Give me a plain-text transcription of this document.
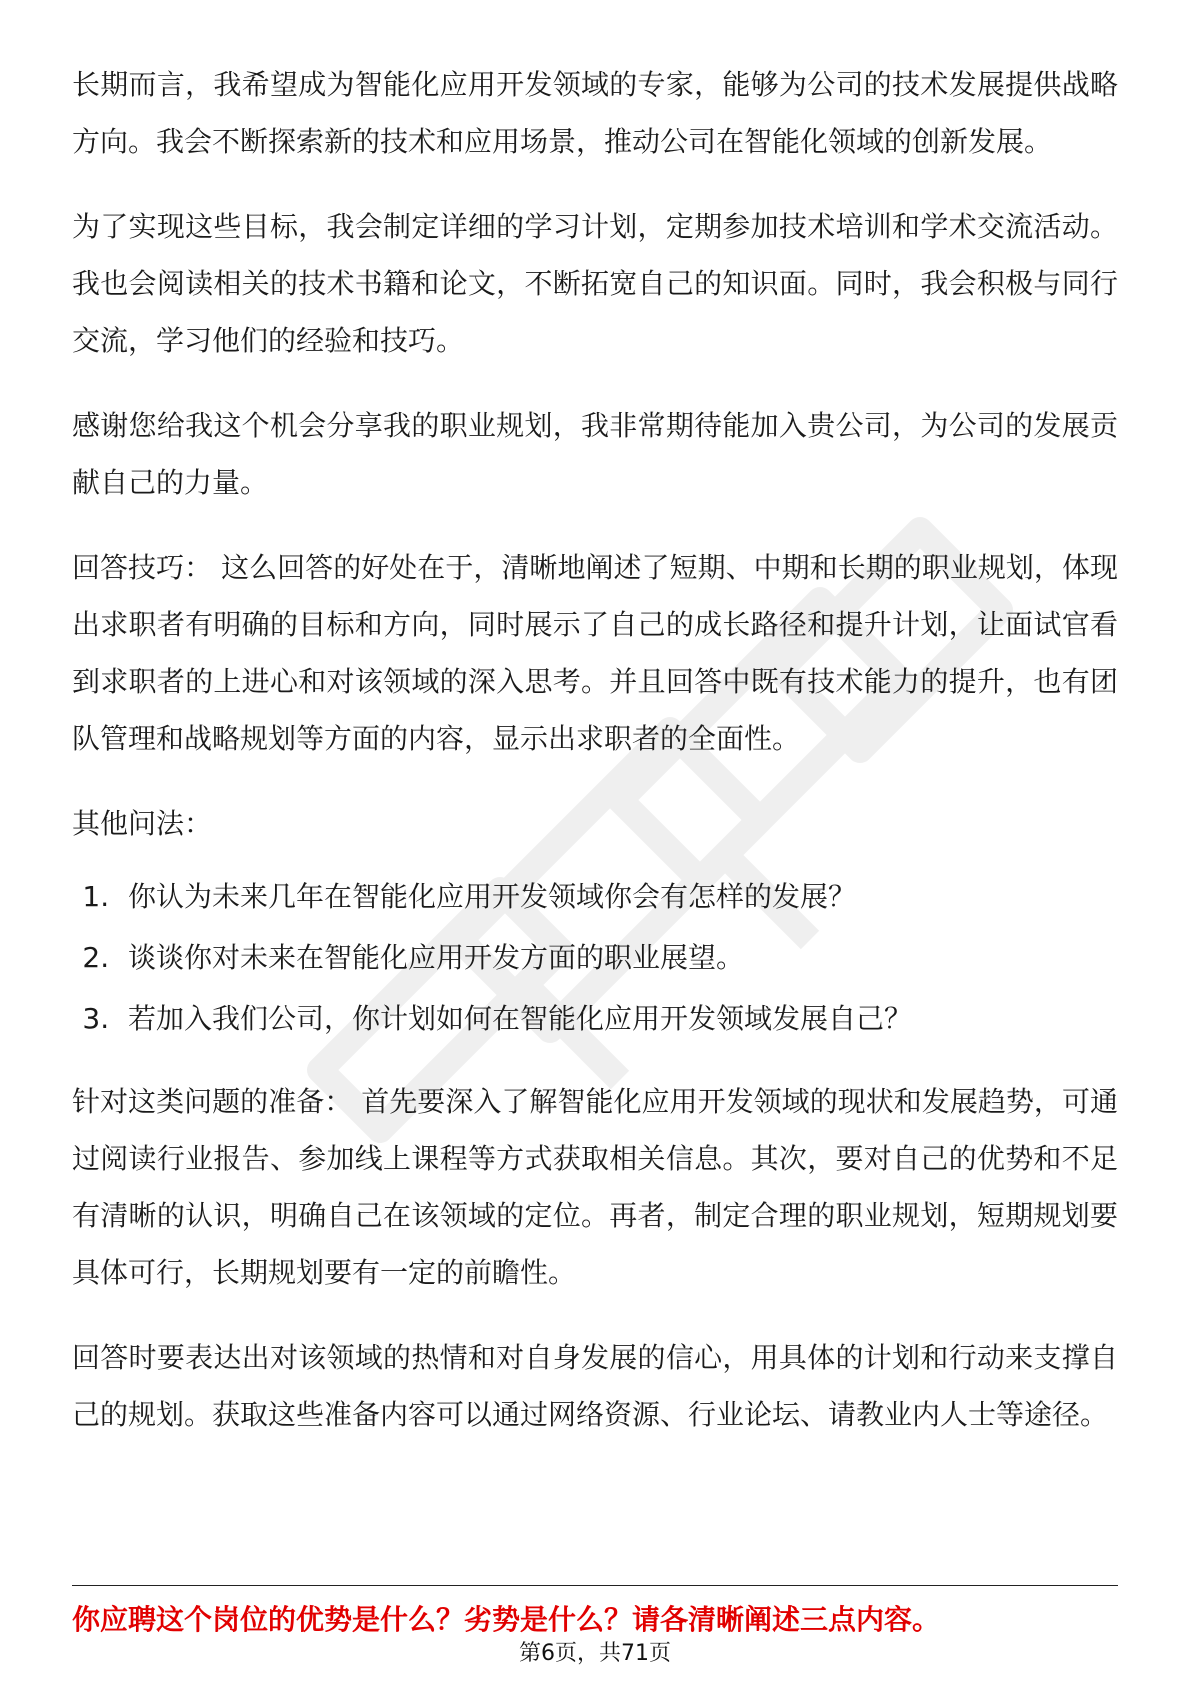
长期而言，我希望成为智能化应用开发领域的专家，能够为公司的技术发展提供战略方向。我会不断探索新的技术和应用场景，推动公司在智能化领域的创新发展。

为了实现这些目标，我会制定详细的学习计划，定期参加技术培训和学术交流活动。我也会阅读相关的技术书籍和论文，不断拓宽自己的知识面。同时，我会积极与同行交流，学习他们的经验和技巧。

感谢您给我这个机会分享我的职业规划，我非常期待能加入贵公司，为公司的发展贡献自己的力量。

回答技巧： 这么回答的好处在于，清晰地阐述了短期、中期和长期的职业规划，体现出求职者有明确的目标和方向，同时展示了自己的成长路径和提升计划，让面试官看到求职者的上进心和对该领域的深入思考。并且回答中既有技术能力的提升，也有团队管理和战略规划等方面的内容，显示出求职者的全面性。

其他问法：

1. 你认为未来几年在智能化应用开发领域你会有怎样的发展？
2. 谈谈你对未来在智能化应用开发方面的职业展望。
3. 若加入我们公司，你计划如何在智能化应用开发领域发展自己？

针对这类问题的准备： 首先要深入了解智能化应用开发领域的现状和发展趋势，可通过阅读行业报告、参加线上课程等方式获取相关信息。其次，要对自己的优势和不足有清晰的认识，明确自己在该领域的定位。再者，制定合理的职业规划，短期规划要具体可行，长期规划要有一定的前瞻性。

回答时要表达出对该领域的热情和对自身发展的信心，用具体的计划和行动来支撑自己的规划。获取这些准备内容可以通过网络资源、行业论坛、请教业内人士等途径。

你应聘这个岗位的优势是什么？劣势是什么？请各清晰阐述三点内容。

第6页，共71页
